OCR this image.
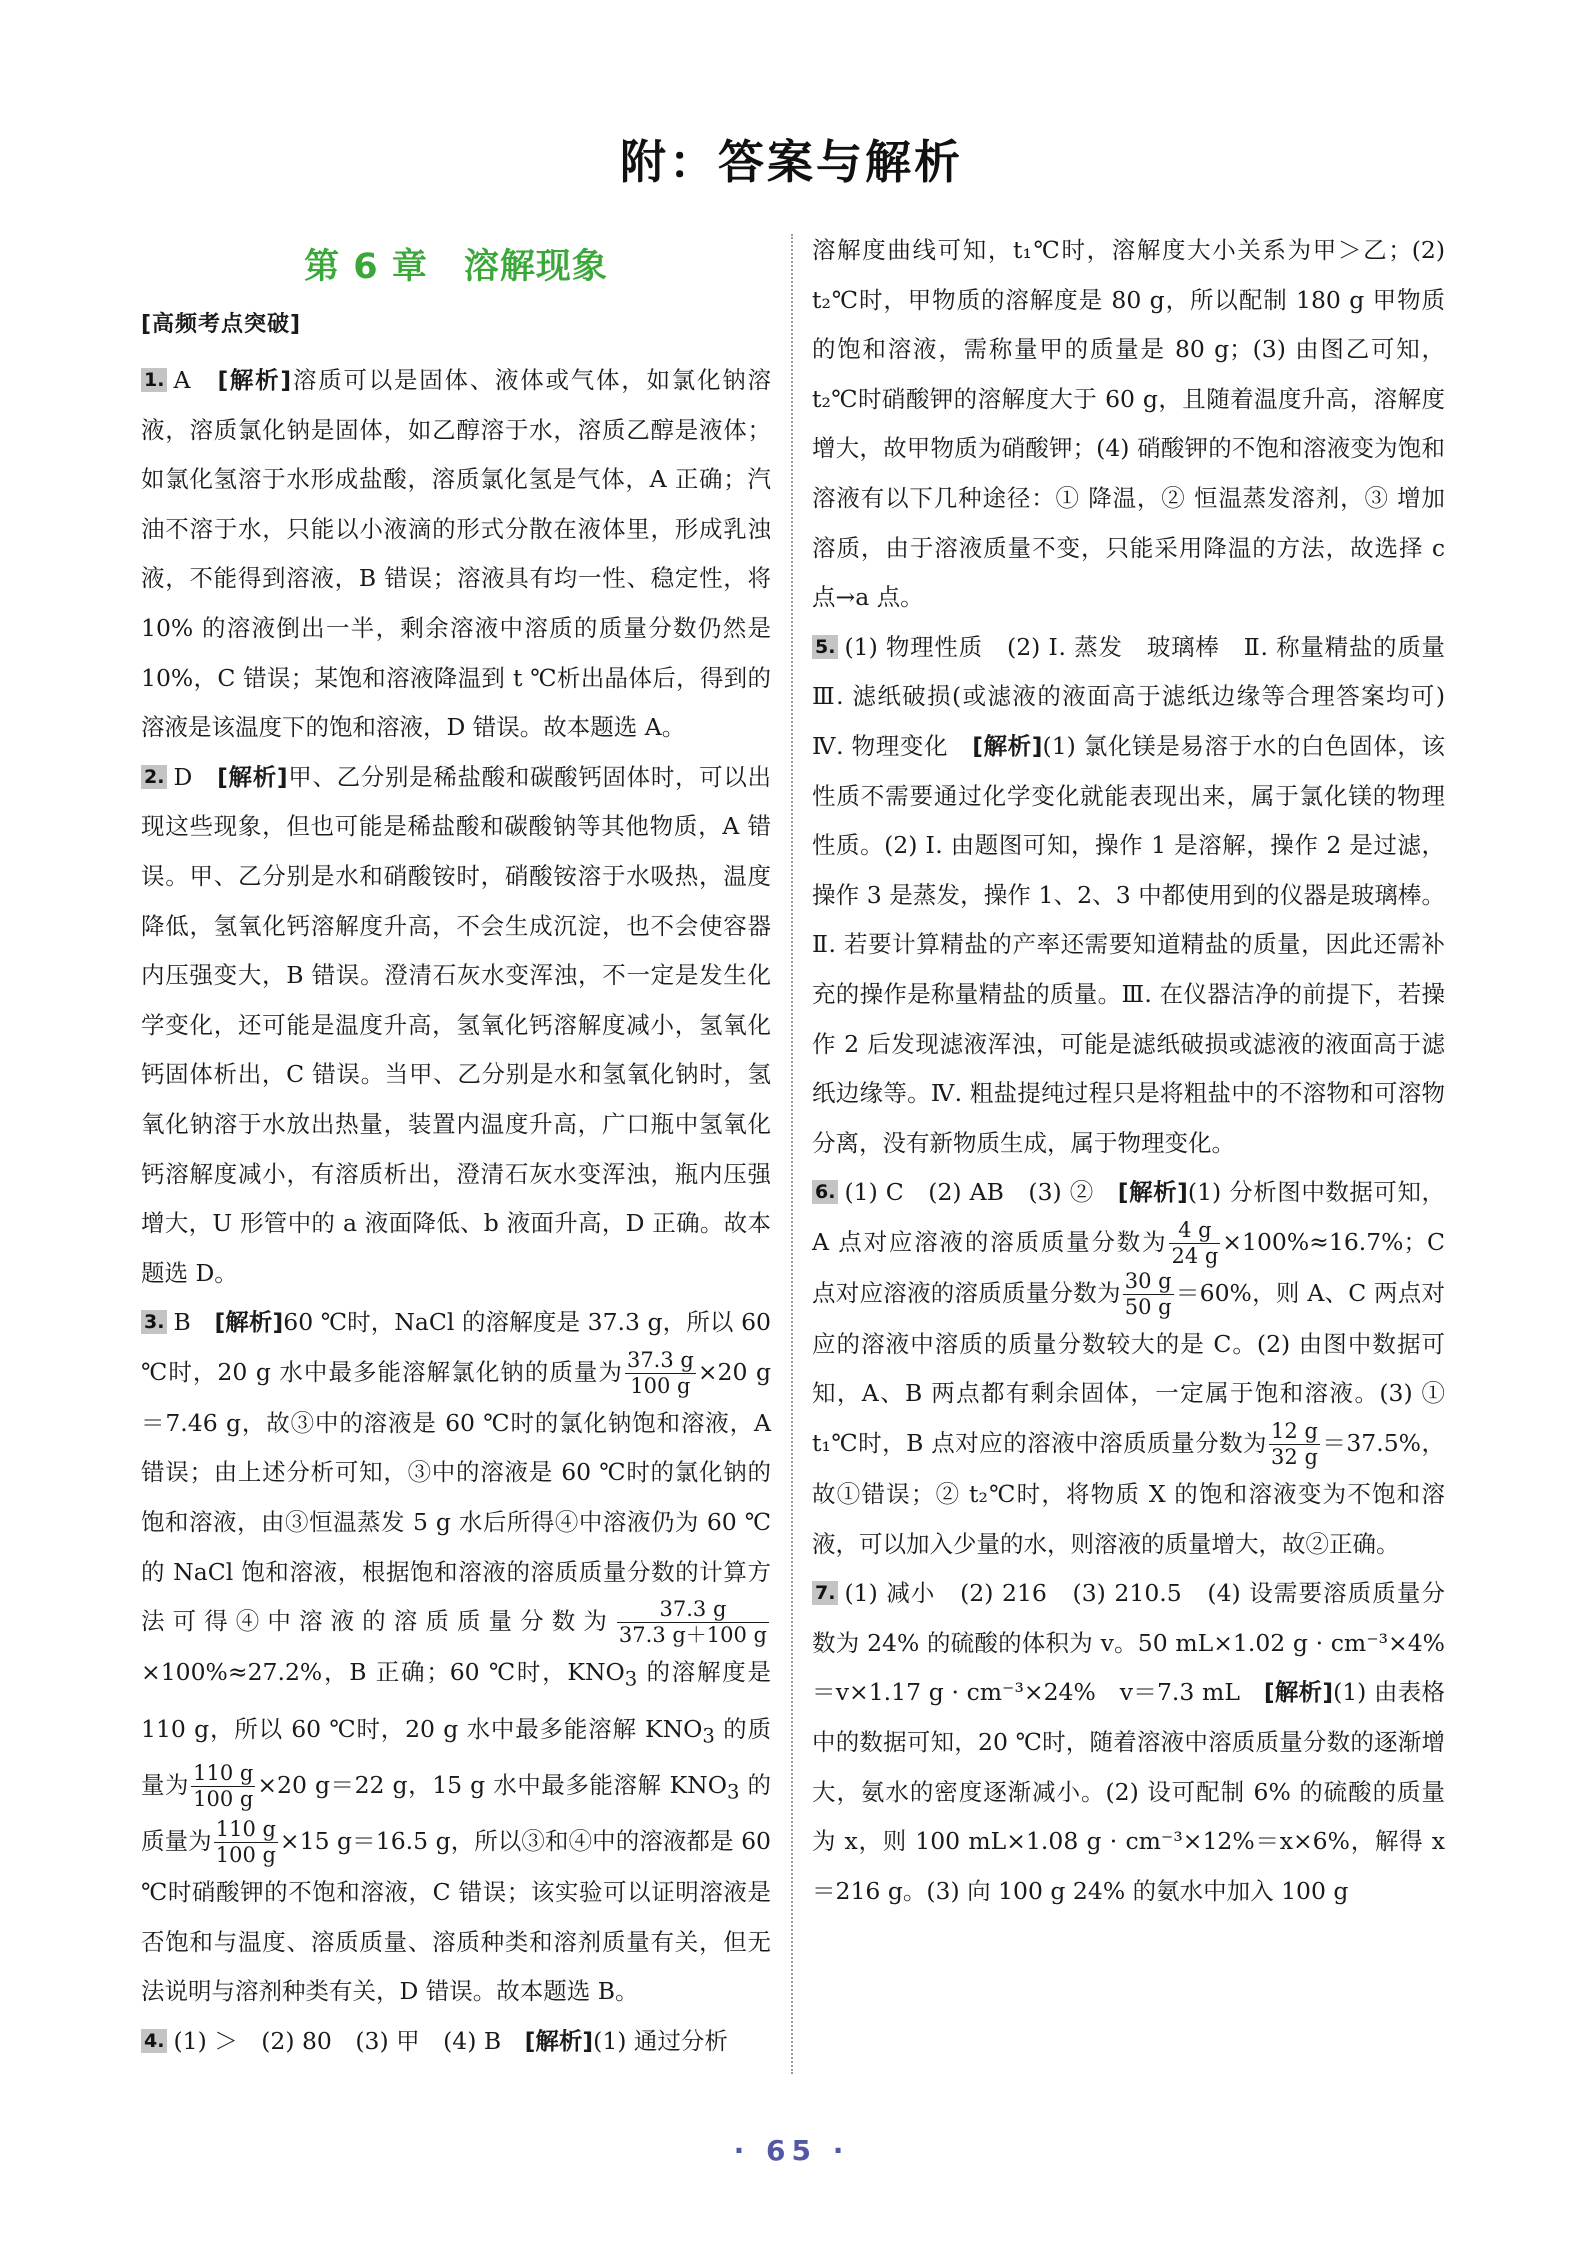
附：答案与解析
第 6 章　溶解现象
[高频考点突破]

1. A　[解析]溶质可以是固体、液体或气体，如氯化钠溶液，溶质氯化钠是固体，如乙醇溶于水，溶质乙醇是液体；如氯化氢溶于水形成盐酸，溶质氯化氢是气体，A 正确；汽油不溶于水，只能以小液滴的形式分散在液体里，形成乳浊液，不能得到溶液，B 错误；溶液具有均一性、稳定性，将 10% 的溶液倒出一半，剩余溶液中溶质的质量分数仍然是 10%，C 错误；某饱和溶液降温到 t ℃析出晶体后，得到的溶液是该温度下的饱和溶液，D 错误。故本题选 A。

2. D　[解析]甲、乙分别是稀盐酸和碳酸钙固体时，可以出现这些现象，但也可能是稀盐酸和碳酸钠等其他物质，A 错误。甲、乙分别是水和硝酸铵时，硝酸铵溶于水吸热，温度降低，氢氧化钙溶解度升高，不会生成沉淀，也不会使容器内压强变大，B 错误。澄清石灰水变浑浊，不一定是发生化学变化，还可能是温度升高，氢氧化钙溶解度减小，氢氧化钙固体析出，C 错误。当甲、乙分别是水和氢氧化钠时，氢氧化钠溶于水放出热量，装置内温度升高，广口瓶中氢氧化钙溶解度减小，有溶质析出，澄清石灰水变浑浊，瓶内压强增大，U 形管中的 a 液面降低、b 液面升高，D 正确。故本题选 D。

3. B　[解析]60 ℃时，NaCl 的溶解度是 37.3 g，所以 60 ℃时，20 g 水中最多能溶解氯化钠的质量为 $\frac{37.3 g}{100 g} \times 20$ g＝7.46 g，故③中的溶液是 60 ℃时的氯化钠饱和溶液，A 错误；由上述分析可知，③中的溶液是 60 ℃时的氯化钠的饱和溶液，由③恒温蒸发 5 g 水后所得④中溶液仍为 60 ℃的 NaCl 饱和溶液，根据饱和溶液的溶质质量分数的计算方法可得④中溶液的溶质质量分数为 $\frac{37.3 g}{37.3 g+100 g}$
×100%≈27.2%，B 正确；60 ℃时，$KNO_3$ 的溶解度是 110 g，所以 60 ℃时，20 g 水中最多能溶解 $KNO_3$ 的质量为 $\frac{110 g}{100 g} \times 20$ g＝22 g，15 g 水中最多能溶解 $KNO_3$ 的质量为 $\frac{110 g}{100 g} \times 15$ g＝16.5 g，所以③和④中的溶液都是 60 ℃时硝酸钾的不饱和溶液，C 错误；该实验可以证明溶液是否饱和与温度、溶质质量、溶质种类和溶剂质量有关，但无法说明与溶剂种类有关，D 错误。故本题选 B。

4. (1) ＞　(2) 80　(3) 甲　(4) B　[解析](1) 通过分析

溶解度曲线可知，t₁℃时，溶解度大小关系为甲＞乙；(2) t₂℃时，甲物质的溶解度是 80 g，所以配制 180 g 甲物质的饱和溶液，需称量甲的质量是 80 g；(3) 由图乙可知，t₂℃时硝酸钾的溶解度大于 60 g，且随着温度升高，溶解度增大，故甲物质为硝酸钾；(4) 硝酸钾的不饱和溶液变为饱和溶液有以下几种途径：① 降温，② 恒温蒸发溶剂，③ 增加溶质，由于溶液质量不变，只能采用降温的方法，故选择 c 点→a 点。

5. (1) 物理性质　(2) Ⅰ. 蒸发　玻璃棒　Ⅱ. 称量精盐的质量　Ⅲ. 滤纸破损(或滤液的液面高于滤纸边缘等合理答案均可)　Ⅳ. 物理变化　[解析](1) 氯化镁是易溶于水的白色固体，该性质不需要通过化学变化就能表现出来，属于氯化镁的物理性质。(2) Ⅰ. 由题图可知，操作 1 是溶解，操作 2 是过滤，操作 3 是蒸发，操作 1、2、3 中都使用到的仪器是玻璃棒。Ⅱ. 若要计算精盐的产率还需要知道精盐的质量，因此还需补充的操作是称量精盐的质量。Ⅲ. 在仪器洁净的前提下，若操作 2 后发现滤液浑浊，可能是滤纸破损或滤液的液面高于滤纸边缘等。Ⅳ. 粗盐提纯过程只是将粗盐中的不溶物和可溶物分离，没有新物质生成，属于物理变化。

6. (1) C　(2) AB　(3) ②　[解析](1) 分析图中数据可知，A 点对应溶液的溶质质量分数为 $\frac{4 g}{24 g} \times 100\%\approx 16.7\%$；C 点对应溶液的溶质质量分数为 $\frac{30 g}{50 g} =60\%$，则 A、C 两点对应的溶液中溶质的质量分数较大的是 C。(2) 由图中数据可知，A、B 两点都有剩余固体，一定属于饱和溶液。(3) ① t₁℃时，B 点对应的溶液中溶质质量分数为 $\frac{12 g}{32 g} =37.5\%$，故①错误；② t₂℃时，将物质 X 的饱和溶液变为不饱和溶液，可以加入少量的水，则溶液的质量增大，故②正确。

7. (1) 减小　(2) 216　(3) 210.5　(4) 设需要溶质质量分数为 24% 的硫酸的体积为 v。50 mL×1.02 g · cm⁻³×4%＝v×1.17 g · cm⁻³×24%　v＝7.3 mL　[解析](1) 由表格中的数据可知，20 ℃时，随着溶液中溶质质量分数的逐渐增大，氨水的密度逐渐减小。(2) 设可配制 6% 的硫酸的质量为 x，则 100 mL×1.08 g · cm⁻³×12%＝x×6%，解得 x＝216 g。(3) 向 100 g 24% 的氨水中加入 100 g

· 65 ·
